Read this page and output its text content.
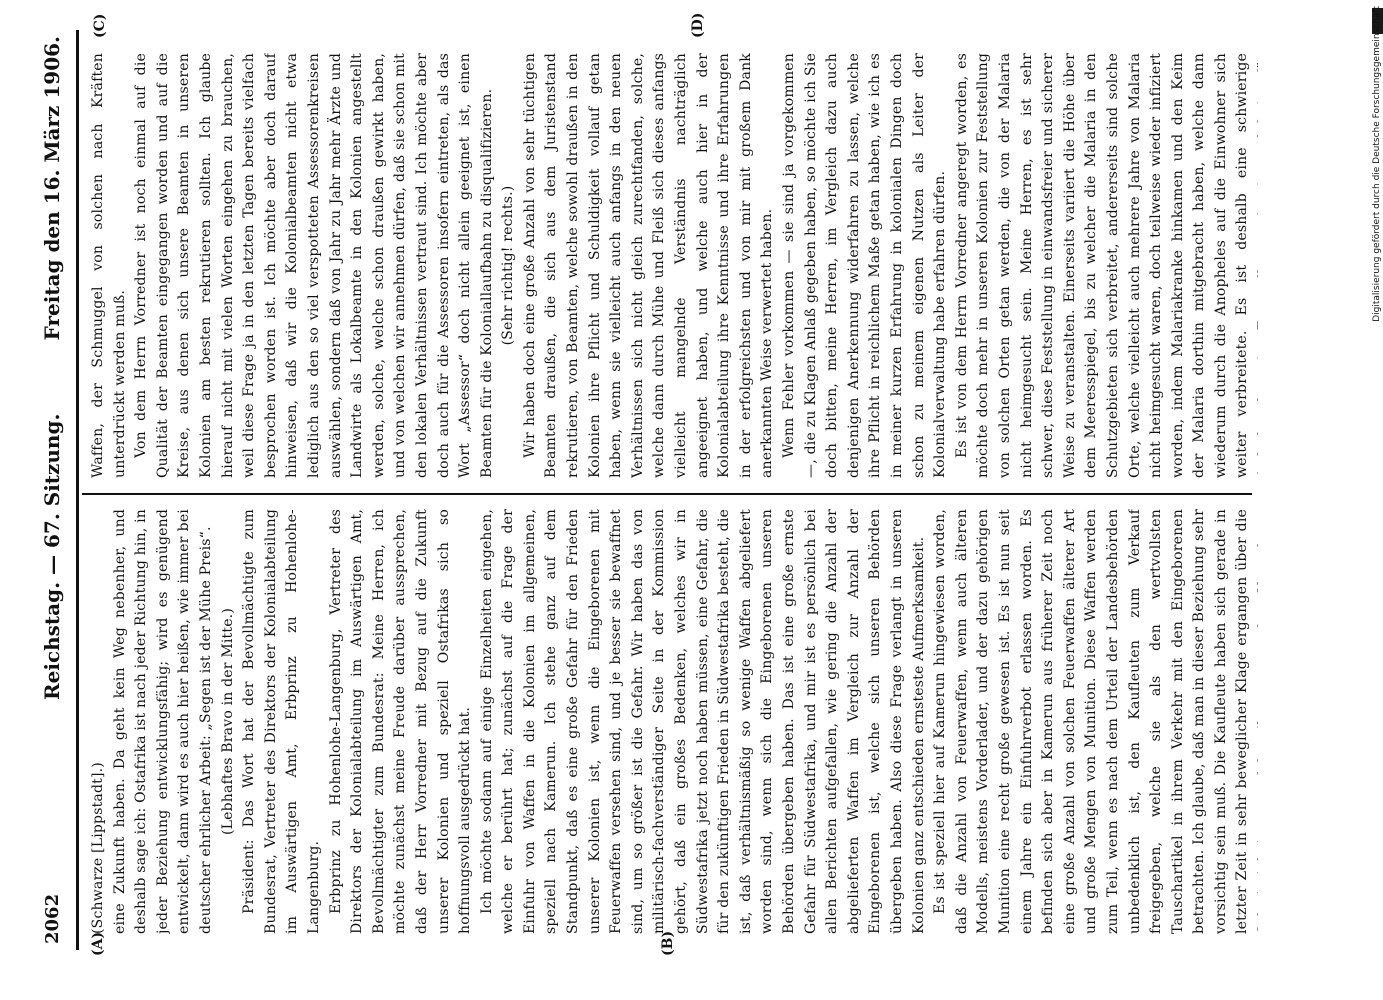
2062
Reichstag. — 67. Sitzung.
Freitag den 16. März 1906.
(A)	(B)
(C)	(D)

(Schwarze [Lippstadt].) eine Zukunft haben. Da geht kein Weg nebenher, und deshalb sage ich: Ostafrika ist nach jeder Richtung hin, in jeder Beziehung entwicklungsfähig; wird es genügend entwickelt, dann wird es auch hier heißen, wie immer bei deutscher ehrlicher Arbeit: „Segen ist der Mühe Preis“. (Lebhaftes Bravo in der Mitte.) Präsident: Das Wort hat der Bevollmächtigte zum Bundesrat, Vertreter des Direktors der Kolonialabteilung im Auswärtigen Amt, Erbprinz zu Hohenlohe-Langenburg. Erbprinz zu Hohenlohe-Langenburg, Vertreter des Direktors der Kolonialabteilung im Auswärtigen Amt, Bevollmächtigter zum Bundesrat: Meine Herren, ich möchte zunächst meine Freude darüber aussprechen, daß der Herr Vorredner mit Bezug auf die Zukunft unserer Kolonien und speziell Ostafrikas sich so hoffnungsvoll ausgedrückt hat. Ich möchte sodann auf einige Einzelheiten eingehen, welche er berührt hat; zunächst auf die Frage der Einfuhr von Waffen in die Kolonien im allgemeinen, speziell nach Kamerun. Ich stehe ganz auf dem Standpunkt, daß es eine große Gefahr für den Frieden unserer Kolonien ist, wenn die Eingeborenen mit Feuerwaffen versehen sind, und je besser sie bewaffnet sind, um so größer ist die Gefahr. Wir haben das von militärisch-fachverständiger Seite in der Kommission gehört, daß ein großes Bedenken, welches wir in Südwestafrika jetzt noch haben müssen, eine Gefahr, die für den zukünftigen Frieden in Südwestafrika besteht, die ist, daß verhältnismäßig so wenige Waffen abgeliefert worden sind, wenn sich die Eingeborenen unseren Behörden übergeben haben. Das ist eine große ernste Gefahr für Südwestafrika, und mir ist es persönlich bei allen Berichten aufgefallen, wie gering die Anzahl der abgelieferten Waffen im Vergleich zur Anzahl der Eingeborenen ist, welche sich unseren Behörden übergeben haben. Also diese Frage verlangt in unseren Kolonien ganz entschieden ernsteste Aufmerksamkeit. Es ist speziell hier auf Kamerun hingewiesen worden, daß die Anzahl von Feuerwaffen, wenn auch älteren Modells, meistens Vorderlader, und der dazu gehörigen Munition eine recht große gewesen ist. Es ist nun seit einem Jahre ein Einfuhrverbot erlassen worden. Es befinden sich aber in Kamerun aus früherer Zeit noch eine große Anzahl von solchen Feuerwaffen älterer Art und große Mengen von Munition. Diese Waffen werden zum Teil, wenn es nach dem Urteil der Landesbehörden unbedenklich ist, den Kaufleuten zum Verkauf freigegeben, welche sie als den wertvollsten Tauschartikel in ihrem Verkehr mit den Eingeborenen betrachten. Ich glaube, daß man in dieser Beziehung sehr vorsichtig sein muß. Die Kaufleute haben sich gerade in letzter Zeit in sehr beweglicher Klage ergangen über die

Waffen, der Schmuggel von solchen nach Kräften unterdrückt werden muß. Von dem Herrn Vorredner ist noch einmal auf die Qualität der Beamten eingegangen worden und auf die Kreise, aus denen sich unsere Beamten in unseren Kolonien am besten rekrutieren sollten. Ich glaube hierauf nicht mit vielen Worten eingehen zu brauchen, weil diese Frage ja in den letzten Tagen bereits vielfach besprochen worden ist. Ich möchte aber doch darauf hinweisen, daß wir die Kolonialbeamten nicht etwa lediglich aus den so viel verspotteten Assessorenkreisen auswählen, sondern daß von Jahr zu Jahr mehr Ärzte und Landwirte als Lokalbeamte in den Kolonien angestellt werden, solche, welche schon draußen gewirkt haben, und von welchen wir annehmen dürfen, daß sie schon mit den lokalen Verhältnissen vertraut sind. Ich möchte aber doch auch für die Assessoren insofern eintreten, als das Wort „Assessor“ doch nicht allein geeignet ist, einen Beamten für die Koloniallaufbahn zu disqualifizieren. (Sehr richtig! rechts.) Wir haben doch eine große Anzahl von sehr tüchtigen Beamten draußen, die sich aus dem Juristenstand rekrutieren, von Beamten, welche sowohl draußen in den Kolonien ihre Pflicht und Schuldigkeit vollauf getan haben, wenn sie vielleicht auch anfangs in den neuen Verhältnissen sich nicht gleich zurechtfanden, solche, welche dann durch Mühe und Fleiß sich dieses anfangs vielleicht mangelnde Verständnis nachträglich angeeignet haben, und welche auch hier in der Kolonialabteilung ihre Kenntnisse und ihre Erfahrungen in der erfolgreichsten und von mir mit großem Dank anerkannten Weise verwertet haben. Wenn Fehler vorkommen — sie sind ja vorgekommen —, die zu Klagen Anlaß gegeben haben, so möchte ich Sie doch bitten, meine Herren, im Vergleich dazu auch denjenigen Anerkennung widerfahren zu lassen, welche ihre Pflicht in reichlichem Maße getan haben, wie ich es in meiner kurzen Erfahrung in kolonialen Dingen doch schon zu meinem eigenen Nutzen als Leiter der Kolonialverwaltung habe erfahren dürfen. Es ist von dem Herrn Vorredner angeregt worden, es möchte doch mehr in unseren Kolonien zur Feststellung von solchen Orten getan werden, die von der Malaria nicht heimgesucht sein. Meine Herren, es ist sehr schwer, diese Feststellung in einwandsfreier und sicherer Weise zu veranstalten. Einerseits variiert die Höhe über dem Meeresspiegel, bis zu welcher die Malaria in den Schutzgebieten sich verbreitet, andererseits sind solche Orte, welche vielleicht auch mehrere Jahre von Malaria nicht heimgesucht waren, doch teilweise wieder infiziert worden, indem Malariakranke hinkamen und den Keim der Malaria dorthin mitgebracht haben, welche dann wiederum durch die Anopheles auf die Einwohner sich weiter verbreitete. Es ist deshalb eine schwierige	Digitalisierung gefördert durch die Deutsche Forschungsgemeinschaft
